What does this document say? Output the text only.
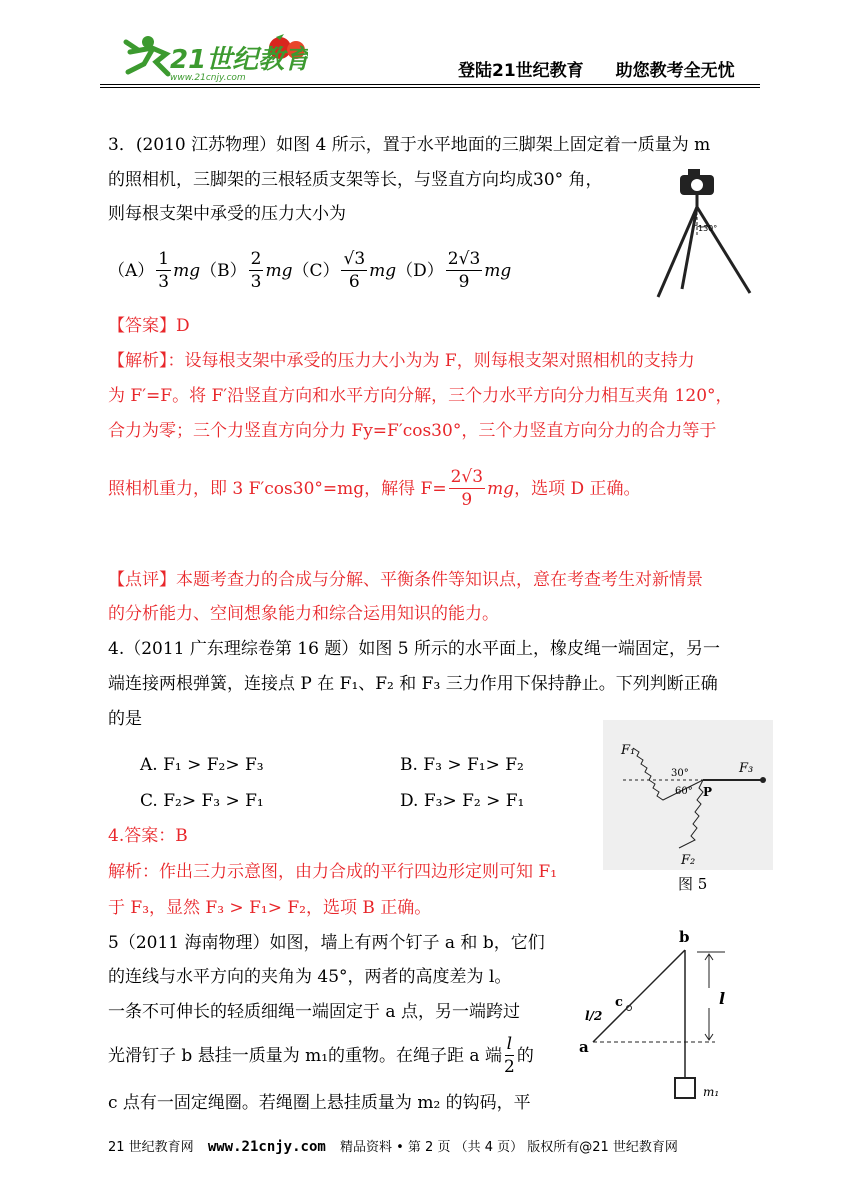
21世纪教育
www.21cnjy.com	登陆21世纪教育 助您教考全无忧
3．(2010 江苏物理）如图 4 所示，置于水平地面的三脚架上固定着一质量为 m
的照相机，三脚架的三根轻质支架等长，与竖直方向均成30° 角，
则每根支架中承受的压力大小为
$(A) \frac{1}{3}$ mg $(B) \frac{2}{3}$ mg $(C) \frac{√3}{6}$ mg $(D) \frac{2√3}{9}$ mg
130°
【答案】D
【解析】：设每根支架中承受的压力大小为为 F，则每根支架对照相机的支持力
为 F′=F。将 F′沿竖直方向和水平方向分解，三个力水平方向分力相互夹角 120°，
合力为零；三个力竖直方向分力 Fy=F′cos30°，三个力竖直方向分力的合力等于
照相机重力，即 3 F′cos30°=mg，解得 $F= \frac{2√3}{9}$ mg ，选项 D 正确。
【点评】本题考查力的合成与分解、平衡条件等知识点，意在考查考生对新情景
的分析能力、空间想象能力和综合运用知识的能力。
4.（2011 广东理综卷第 16 题）如图 5 所示的水平面上，橡皮绳一端固定，另一
端连接两根弹簧，连接点 P 在 F₁、F₂ 和 F₃ 三力作用下保持静止。下列判断正确
的是
A. F₁ > F₂> F₃	B. F₃ > F₁> F₂
C. F₂> F₃ > F₁	D. F₃> F₂ > F₁
4.答案：B
解析：作出三力示意图，由力合成的平行四边形定则可知 F₁
于 F₃，显然 F₃ > F₁> F₂，选项 B 正确。
F₁
F₂
F₃
P
30°
60°
图 5
5（2011 海南物理）如图，墙上有两个钉子 a 和 b，它们
的连线与水平方向的夹角为 45°，两者的高度差为 l。
一条不可伸长的轻质细绳一端固定于 a 点，另一端跨过
光滑钉子 b 悬挂一质量为 m₁的重物。在绳子距 a 端 $\frac{l}{2}$ 的
c 点有一固定绳圈。若绳圈上悬挂质量为 m₂ 的钩码，平
b
a
c	l
l/2
m₁
21 世纪教育网 www.21cnjy.com 精品资料 • 第 2 页 （共 4 页） 版权所有@21 世纪教育网
